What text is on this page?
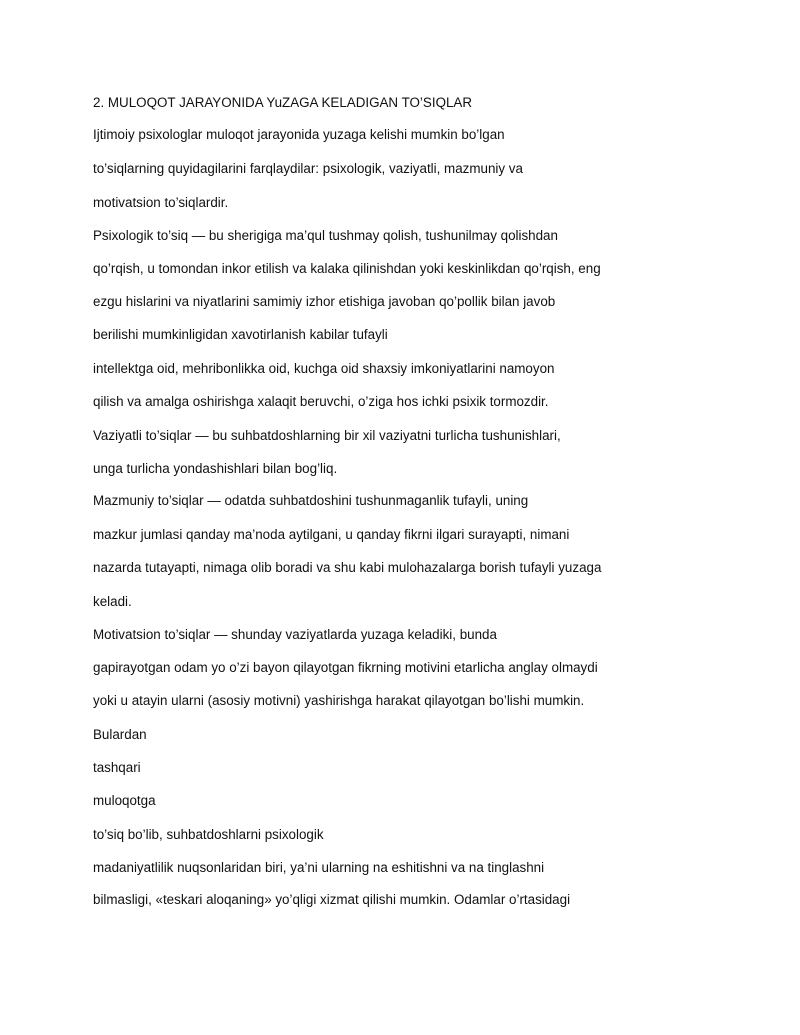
2. MULOQOT JARAYONIDA YuZAGA KELADIGAN TO’SIQLAR
Ijtimoiy psixologlar muloqot jarayonida yuzaga kelishi mumkin bo’lgan
to’siqlarning quyidagilarini farqlaydilar: psixologik, vaziyatli, mazmuniy va
motivatsion to’siqlardir.
Psixologik to’siq — bu sherigiga ma’qul tushmay qolish, tushunilmay qolishdan
qo’rqish, u tomondan inkor etilish va kalaka qilinishdan yoki keskinlikdan qo’rqish, eng
ezgu hislarini va niyatlarini samimiy izhor etishiga javoban qo’pollik bilan javob
berilishi mumkinligidan xavotirlanish kabilar tufayli
intellektga oid, mehribonlikka oid, kuchga oid shaxsiy imkoniyatlarini namoyon
qilish va amalga oshirishga xalaqit beruvchi, o’ziga hos ichki psixik tormozdir.
Vaziyatli to’siqlar — bu suhbatdoshlarning bir xil vaziyatni turlicha tushunishlari,
unga turlicha yondashishlari bilan bog’liq.
Mazmuniy to’siqlar — odatda suhbatdoshini tushunmaganlik tufayli, uning
mazkur jumlasi qanday ma’noda aytilgani, u qanday fikrni ilgari surayapti, nimani
nazarda tutayapti, nimaga olib boradi va shu kabi mulohazalarga borish tufayli yuzaga
keladi.
Motivatsion to’siqlar — shunday vaziyatlarda yuzaga keladiki, bunda
gapirayotgan odam yo o’zi bayon qilayotgan fikrning motivini etarlicha anglay olmaydi
yoki u atayin ularni (asosiy motivni) yashirishga harakat qilayotgan bo’lishi mumkin.
Bulardan
tashqari
muloqotga
to’siq bo’lib, suhbatdoshlarni psixologik
madaniyatlilik nuqsonlaridan biri, ya’ni ularning na eshitishni va na tinglashni
bilmasligi, «teskari aloqaning» yo’qligi xizmat qilishi mumkin. Odamlar o’rtasidagi
